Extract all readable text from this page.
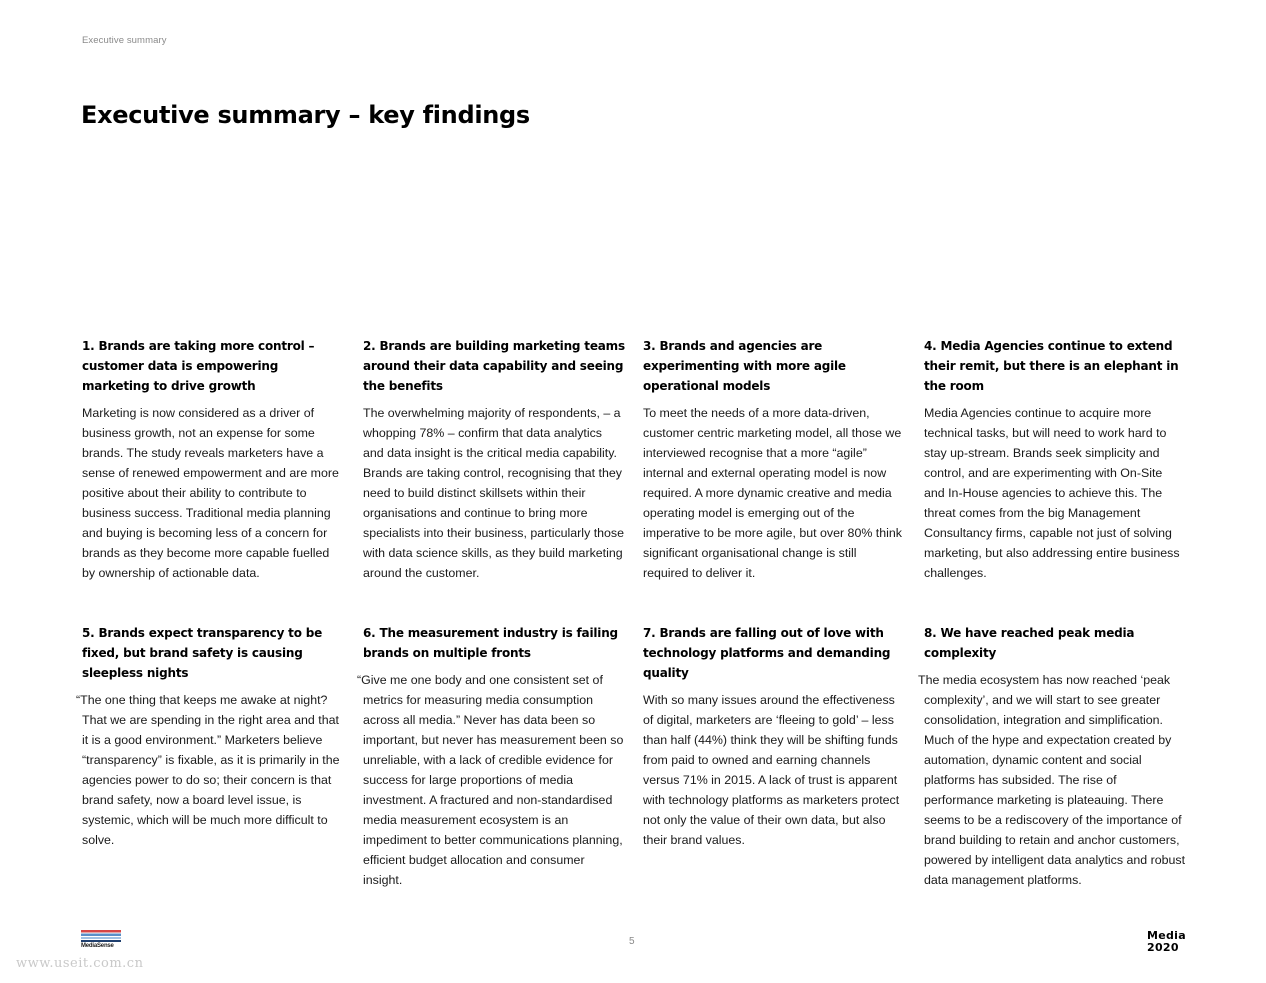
Executive summary
Executive summary – key findings
1. Brands are taking more control – customer data is empowering marketing to drive growth

Marketing is now considered as a driver of business growth, not an expense for some brands. The study reveals marketers have a sense of renewed empowerment and are more positive about their ability to contribute to business success. Traditional media planning and buying is becoming less of a concern for brands as they become more capable fuelled by ownership of actionable data.

2. Brands are building marketing teams around their data capability and seeing the benefits

The overwhelming majority of respondents, – a whopping 78% – confirm that data analytics and data insight is the critical media capability. Brands are taking control, recognising that they need to build distinct skillsets within their organisations and continue to bring more specialists into their business, particularly those with data science skills, as they build marketing around the customer.

3. Brands and agencies are experimenting with more agile operational models

To meet the needs of a more data-driven, customer centric marketing model, all those we interviewed recognise that a more “agile” internal and external operating model is now required. A more dynamic creative and media operating model is emerging out of the imperative to be more agile, but over 80% think significant organisational change is still required to deliver it.

4. Media Agencies continue to extend their remit, but there is an elephant in the room

Media Agencies continue to acquire more technical tasks, but will need to work hard to stay up-stream. Brands seek simplicity and control, and are experimenting with On-Site and In-House agencies to achieve this. The threat comes from the big Management Consultancy firms, capable not just of solving marketing, but also addressing entire business challenges.

5. Brands expect transparency to be fixed, but brand safety is causing sleepless nights

“The one thing that keeps me awake at night? That we are spending in the right area and that it is a good environment.” Marketers believe “transparency” is fixable, as it is primarily in the agencies power to do so; their concern is that brand safety, now a board level issue, is systemic, which will be much more difficult to solve.

6. The measurement industry is failing brands on multiple fronts

“Give me one body and one consistent set of metrics for measuring media consumption across all media.” Never has data been so important, but never has measurement been so unreliable, with a lack of credible evidence for success for large proportions of media investment. A fractured and non-standardised media measurement ecosystem is an impediment to better communications planning, efficient budget allocation and consumer insight.

7. Brands are falling out of love with technology platforms and demanding quality

With so many issues around the effectiveness of digital, marketers are ‘fleeing to gold’ – less than half (44%) think they will be shifting funds from paid to owned and earning channels versus 71% in 2015. A lack of trust is apparent with technology platforms as marketers protect not only the value of their own data, but also their brand values.

8. We have reached peak media complexity

The media ecosystem has now reached ‘peak complexity’, and we will start to see greater consolidation, integration and simplification. Much of the hype and expectation created by automation, dynamic content and social platforms has subsided. The rise of performance marketing is plateauing. There seems to be a rediscovery of the importance of brand building to retain and anchor customers, powered by intelligent data analytics and robust data management platforms.

MediaSense	5	Media
2020
www.useit.com.cn
